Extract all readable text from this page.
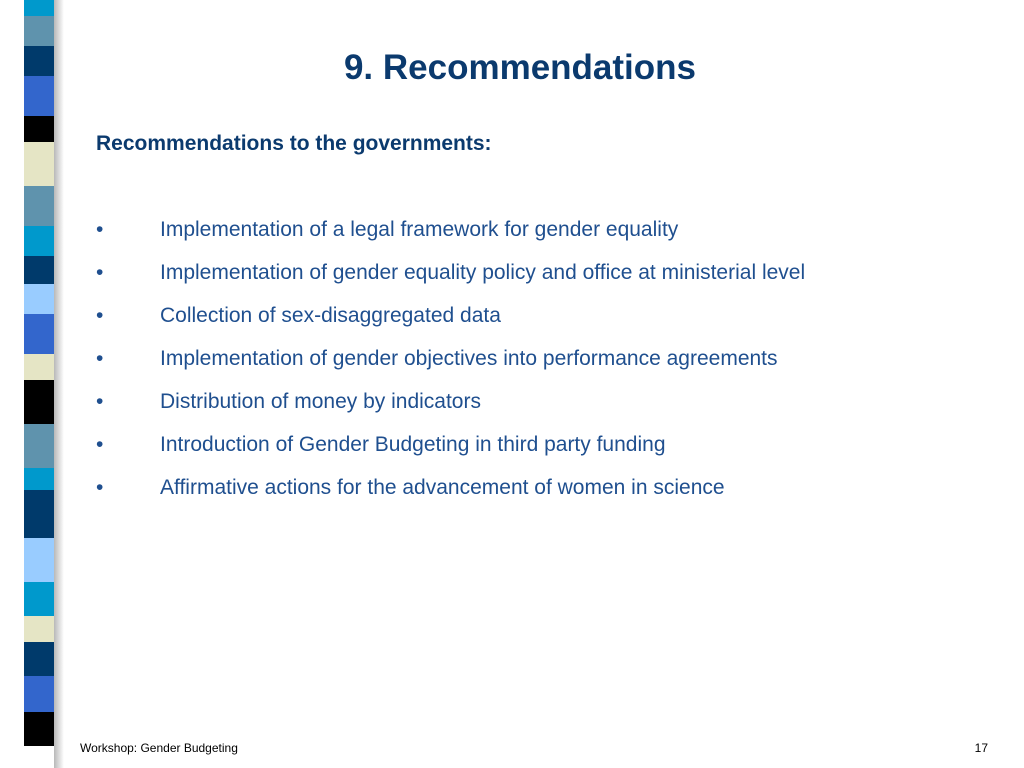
9. Recommendations
Recommendations to the governments:
•	Implementation of a legal framework for gender equality
•	Implementation of gender equality policy and office at ministerial level
•	Collection of sex-disaggregated data
•	Implementation of gender objectives into performance agreements
•	Distribution of money by indicators
•	Introduction of Gender Budgeting in third party funding
•	Affirmative actions for the advancement of women in science
Workshop: Gender Budgeting	17
